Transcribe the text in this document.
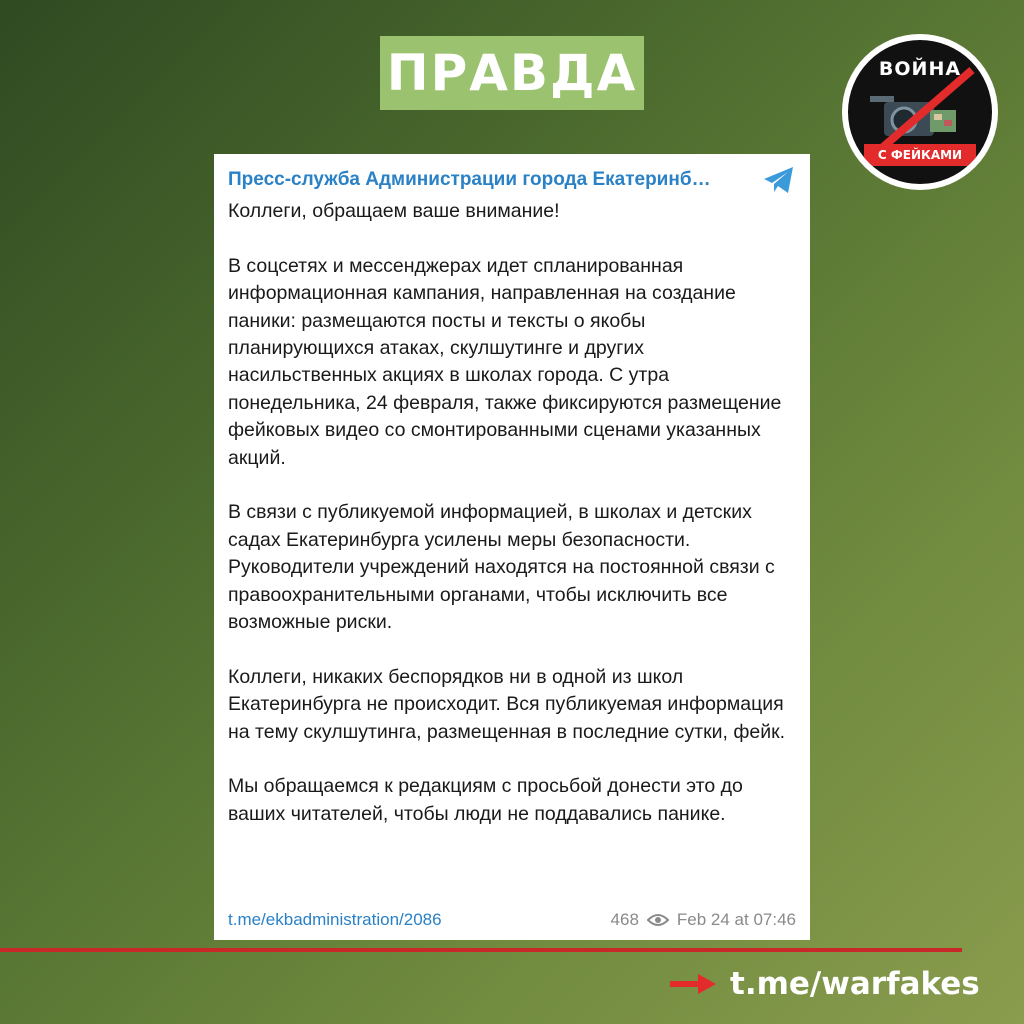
ПРАВДА	ВОЙНА
С ФЕЙКАМИ
Пресс-служба Администрации города Екатеринб…

Коллеги, обращаем ваше внимание!

В соцсетях и мессенджерах идет спланированная информационная кампания, направленная на создание паники: размещаются посты и тексты о якобы планирующихся атаках, скулшутинге и других насильственных акциях в школах города. С утра понедельника, 24 февраля, также фиксируются размещение фейковых видео со смонтированными сценами указанных акций.

В связи с публикуемой информацией, в школах и детских садах Екатеринбурга усилены меры безопасности. Руководители учреждений находятся на постоянной связи с правоохранительными органами, чтобы исключить все возможные риски.

Коллеги, никаких беспорядков ни в одной из школ Екатеринбурга не происходит. Вся публикуемая информация на тему скулшутинга, размещенная в последние сутки, фейк.

Мы обращаемся к редакциям с просьбой донести это до ваших читателей, чтобы люди не поддавались панике.

t.me/ekbadministration/2086	468 Feb 24 at 07:46
t.me/warfakes
